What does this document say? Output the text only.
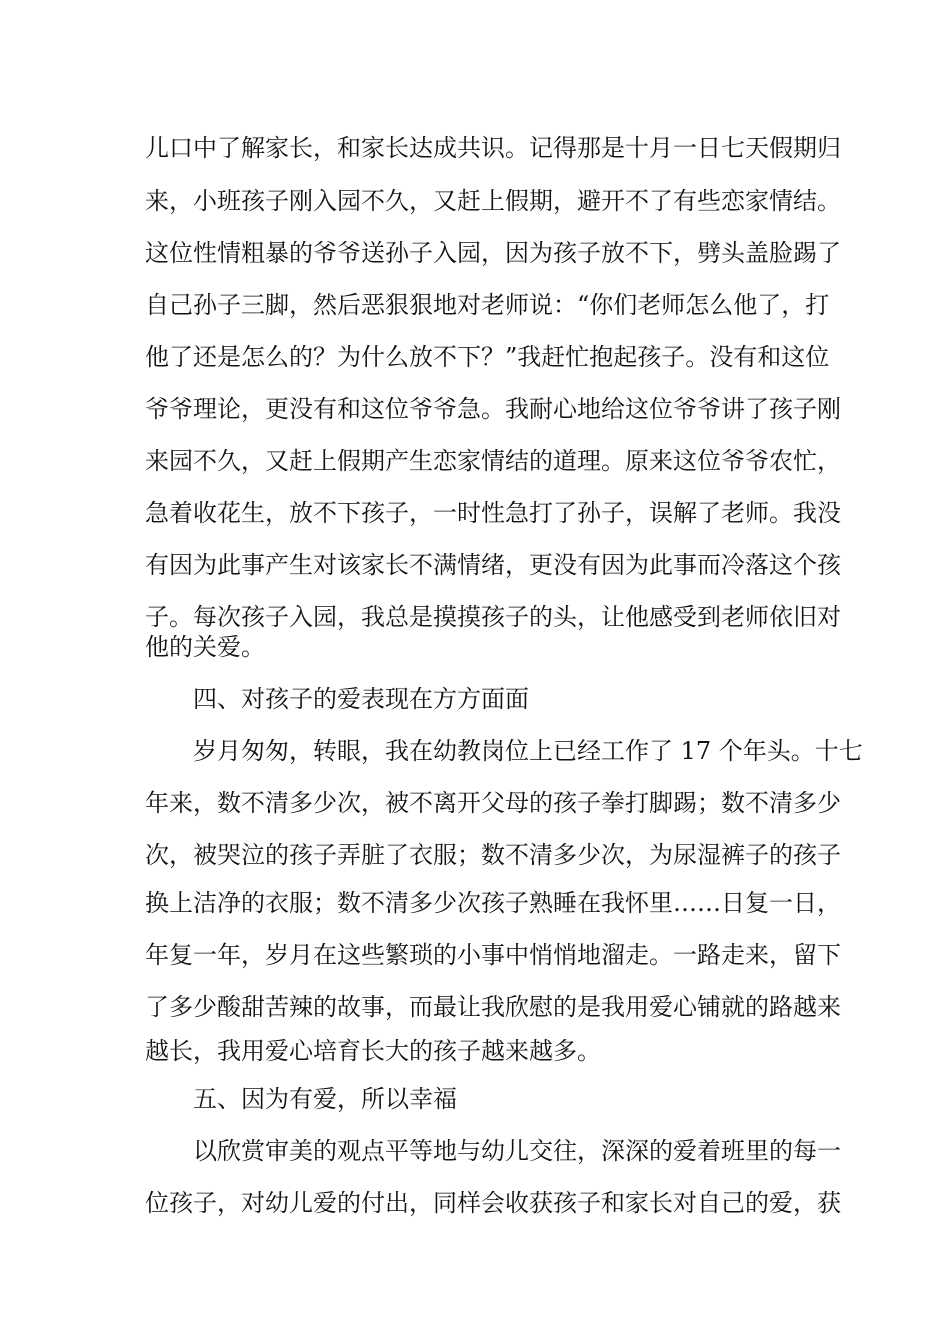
儿口中了解家长，和家长达成共识。记得那是十月一日七天假期归
来，小班孩子刚入园不久，又赶上假期，避开不了有些恋家情结。
这位性情粗暴的爷爷送孙子入园，因为孩子放不下，劈头盖脸踢了
自己孙子三脚，然后恶狠狠地对老师说：“你们老师怎么他了，打
他了还是怎么的？为什么放不下？”我赶忙抱起孩子。没有和这位
爷爷理论，更没有和这位爷爷急。我耐心地给这位爷爷讲了孩子刚
来园不久，又赶上假期产生恋家情结的道理。原来这位爷爷农忙，
急着收花生，放不下孩子，一时性急打了孙子，误解了老师。我没
有因为此事产生对该家长不满情绪，更没有因为此事而冷落这个孩
子。每次孩子入园，我总是摸摸孩子的头，让他感受到老师依旧对
他的关爱。
四、对孩子的爱表现在方方面面
岁月匆匆，转眼，我在幼教岗位上已经工作了 17 个年头。十七
年来，数不清多少次，被不离开父母的孩子拳打脚踢；数不清多少
次，被哭泣的孩子弄脏了衣服；数不清多少次，为尿湿裤子的孩子
换上洁净的衣服；数不清多少次孩子熟睡在我怀里……日复一日，
年复一年，岁月在这些繁琐的小事中悄悄地溜走。一路走来，留下
了多少酸甜苦辣的故事，而最让我欣慰的是我用爱心铺就的路越来
越长，我用爱心培育长大的孩子越来越多。
五、因为有爱，所以幸福
以欣赏审美的观点平等地与幼儿交往，深深的爱着班里的每一
位孩子，对幼儿爱的付出，同样会收获孩子和家长对自己的爱，获
